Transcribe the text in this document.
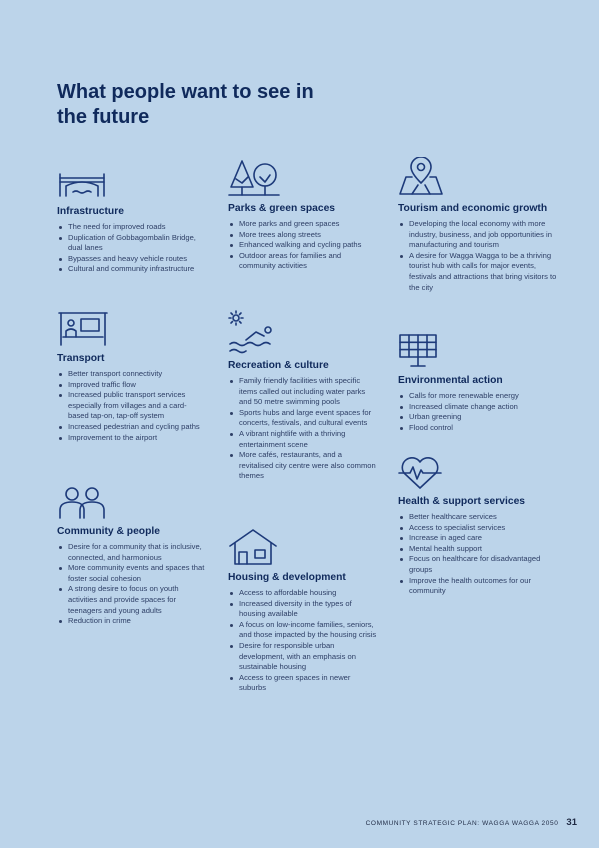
What people want to see in the future

Infrastructure

The need for improved roads
Duplication of Gobbagombalin Bridge, dual lanes
Bypasses and heavy vehicle routes
Cultural and community infrastructure

Transport

Better transport connectivity
Improved traffic flow
Increased public transport services especially from villages and a card-based tap-on, tap-off system
Increased pedestrian and cycling paths
Improvement to the airport

Community & people

Desire for a community that is inclusive, connected, and harmonious
More community events and spaces that foster social cohesion
A strong desire to focus on youth activities and provide spaces for teenagers and young adults
Reduction in crime

Parks & green spaces

More parks and green spaces
More trees along streets
Enhanced walking and cycling paths
Outdoor areas for families and community activities

Recreation & culture

Family friendly facilities with specific items called out including water parks and 50 metre swimming pools
Sports hubs and large event spaces for concerts, festivals, and cultural events
A vibrant nightlife with a thriving entertainment scene
More cafés, restaurants, and a revitalised city centre were also common themes

Housing & development

Access to affordable housing
Increased diversity in the types of housing available
A focus on low-income families, seniors, and those impacted by the housing crisis
Desire for responsible urban development, with an emphasis on sustainable housing
Access to green spaces in newer suburbs

Tourism and economic growth

Developing the local economy with more industry, business, and job opportunities in manufacturing and tourism
A desire for Wagga Wagga to be a thriving tourist hub with calls for major events, festivals and attractions that bring visitors to the city

Environmental action

Calls for more renewable energy
Increased climate change action
Urban greening
Flood control

Health & support services

Better healthcare services
Access to specialist services
Increase in aged care
Mental health support
Focus on healthcare for disadvantaged groups
Improve the health outcomes for our community
COMMUNITY STRATEGIC PLAN: WAGGA WAGGA 2050 31
